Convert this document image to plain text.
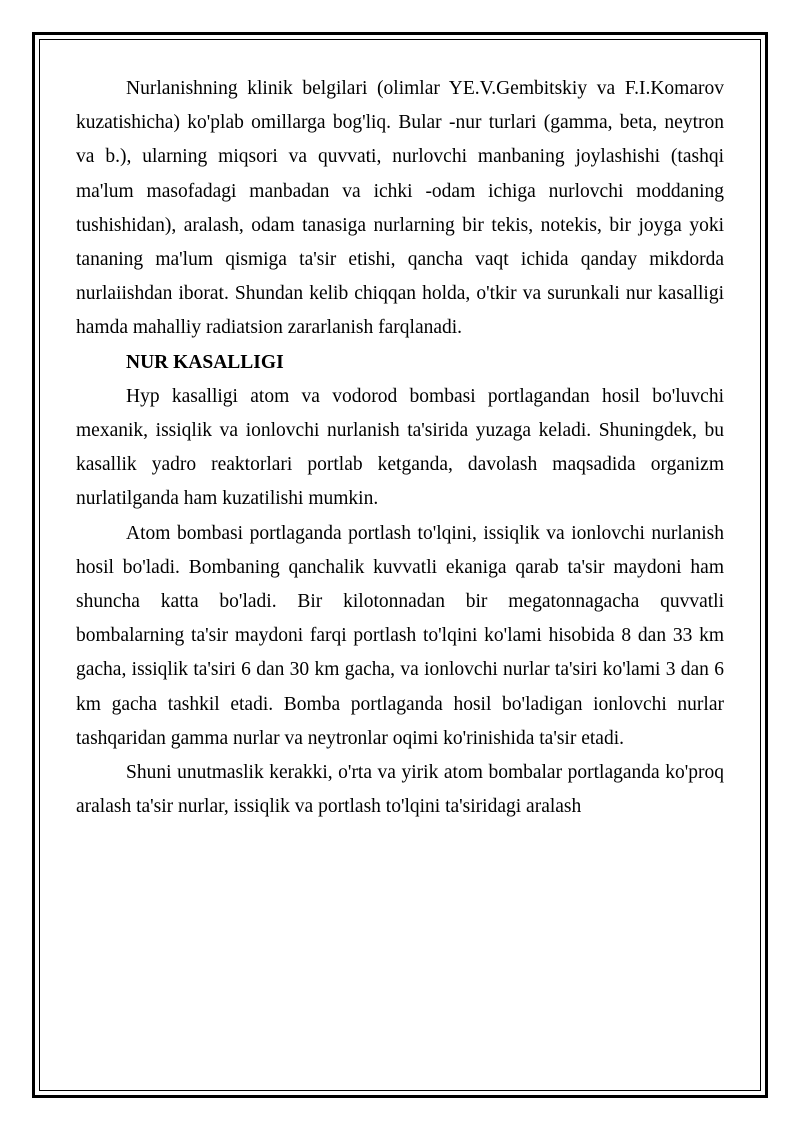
Nurlanishning klinik belgilari (olimlar YE.V.Gembitskiy va F.I.Komarov kuzatishicha) ko'plab omillarga bog'liq. Bular -nur turlari (gamma, beta, neytron va b.), ularning miqsori va quvvati, nurlovchi manbaning joylashishi (tashqi ma'lum masofadagi manbadan va ichki -odam ichiga nurlovchi moddaning tushishidan), aralash, odam tanasiga nurlarning bir tekis, notekis, bir joyga yoki tananing ma'lum qismiga ta'sir etishi, qancha vaqt ichida qanday mikdorda nurlaiishdan iborat. Shundan kelib chiqqan holda, o'tkir va surunkali nur kasalligi hamda mahalliy radiatsion zararlanish farqlanadi.

NUR KASALLIGI

Hyp kasalligi atom va vodorod bombasi portlagandan hosil bo'luvchi mexanik, issiqlik va ionlovchi nurlanish ta'sirida yuzaga keladi. Shuningdek, bu kasallik yadro reaktorlari portlab ketganda, davolash maqsadida organizm nurlatilganda ham kuzatilishi mumkin.

Atom bombasi portlaganda portlash to'lqini, issiqlik va ionlovchi nurlanish hosil bo'ladi. Bombaning qanchalik kuvvatli ekaniga qarab ta'sir maydoni ham shuncha katta bo'ladi. Bir kilotonnadan bir megatonnagacha quvvatli bombalarning ta'sir maydoni farqi portlash to'lqini ko'lami hisobida 8 dan 33 km gacha, issiqlik ta'siri 6 dan 30 km gacha, va ionlovchi nurlar ta'siri ko'lami 3 dan 6 km gacha tashkil etadi. Bomba portlaganda hosil bo'ladigan ionlovchi nurlar tashqaridan gamma nurlar va neytronlar oqimi ko'rinishida ta'sir etadi.

Shuni unutmaslik kerakki, o'rta va yirik atom bombalar portlaganda ko'proq aralash ta'sir nurlar, issiqlik va portlash to'lqini ta'siridagi aralash
